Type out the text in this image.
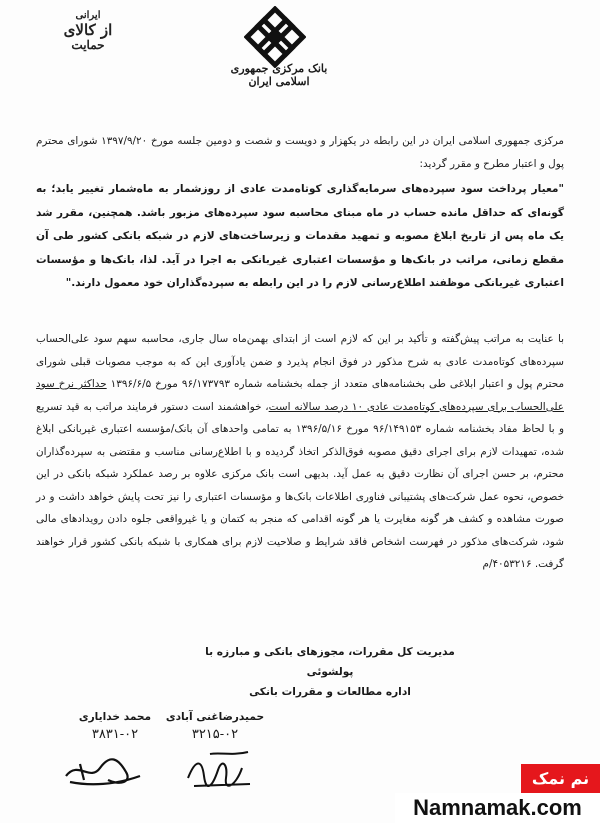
بانک مرکزی جمهوری اسلامی ایران
ایرانی
از کالای
حمایت
مرکزی جمهوری اسلامی ایران در این رابطه در یکهزار و دویست و شصت و دومین جلسه مورخ ۱۳۹۷/۹/۲۰ شورای محترم پول و اعتبار مطرح و مقرر گردید:
"معیار پرداخت سود سپرده‌های سرمایه‌گذاری کوتاه‌مدت عادی از روزشمار به ماه‌شمار تغییر یابد؛ به گونه‌ای که حداقل مانده حساب در ماه مبنای محاسبه سود سپرده‌های مزبور باشد. همچنین، مقرر شد یک ماه پس از تاریخ ابلاغ مصوبه و تمهید مقدمات و زیرساخت‌های لازم در شبکه بانکی کشور طی آن مقطع زمانی، مراتب در بانک‌ها و مؤسسات اعتباری غیربانکی به اجرا در آید. لذا، بانک‌ها و مؤسسات اعتباری غیربانکی موظفند اطلاع‌رسانی لازم را در این رابطه به سپرده‌گذاران خود معمول دارند."
با عنایت به مراتب پیش‌گفته و تأکید بر این که لازم است از ابتدای بهمن‌ماه سال جاری، محاسبه سهم سود علی‌الحساب سپرده‌های کوتاه‌مدت عادی به شرح مذکور در فوق انجام پذیرد و ضمن یادآوری این که به موجب مصوبات قبلی شورای محترم پول و اعتبار ابلاغی طی بخشنامه‌های متعدد از جمله بخشنامه شماره ۹۶/۱۷۳۷۹۳ مورخ ۱۳۹۶/۶/۵ حداکثر نرخ سود علی‌الحساب برای سپرده‌های کوتاه‌مدت عادی ۱۰ درصد سالانه است، خواهشمند است دستور فرمایند مراتب به قید تسریع و با لحاظ مفاد بخشنامه شماره ۹۶/۱۴۹۱۵۳ مورخ ۱۳۹۶/۵/۱۶ به تمامی واحدهای آن بانک/مؤسسه اعتباری غیربانکی ابلاغ شده، تمهیدات لازم برای اجرای دقیق مصوبه فوق‌الذکر اتخاذ گردیده و با اطلاع‌رسانی مناسب و مقتضی به سپرده‌گذاران محترم، بر حسن اجرای آن نظارت دقیق به عمل آید. بدیهی است بانک مرکزی علاوه بر رصد عملکرد شبکه بانکی در این خصوص، نحوه عمل شرکت‌های پشتیبانی فناوری اطلاعات بانک‌ها و مؤسسات اعتباری را نیز تحت پایش خواهد داشت و در صورت مشاهده و کشف هر گونه مغایرت یا هر گونه اقدامی که منجر به کتمان و یا غیرواقعی جلوه دادن رویدادهای مالی شود، شرکت‌های مذکور در فهرست اشخاص فاقد شرایط و صلاحیت لازم برای همکاری با شبکه بانکی کشور قرار خواهند گرفت. ۴۰۵۳۲۱۶/م
مدیریت کل مقررات، مجوزهای بانکی و مبارزه با پولشوئی
اداره مطالعات و مقررات بانکی
حمیدرضاغنی آبادی
۳۲۱۵-۰۲
محمد خدایاری
۳۸۳۱-۰۲
نم نمک
Namnamak.com
